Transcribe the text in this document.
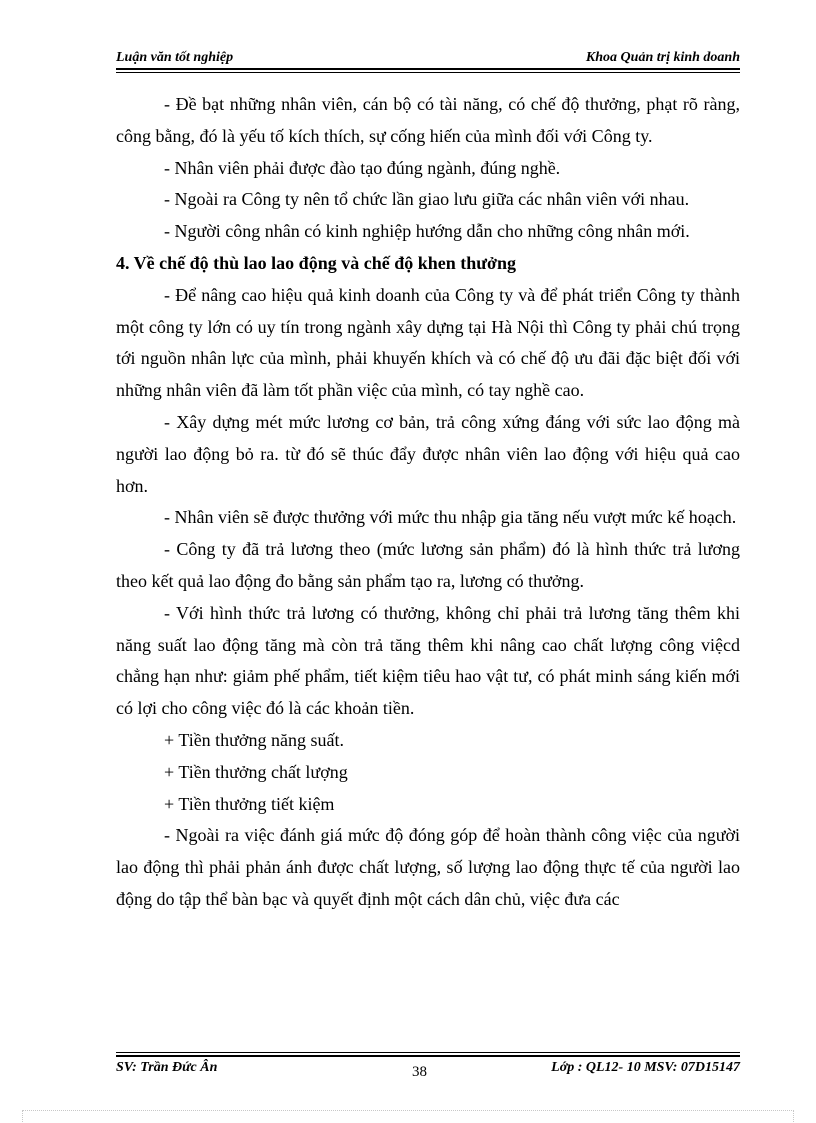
Luận văn tốt nghiệp	Khoa Quản trị kinh doanh

- Đề bạt những nhân viên, cán bộ có tài năng, có chế độ thưởng, phạt rõ ràng, công bằng, đó là yếu tố kích thích, sự cống hiến của mình đối với Công ty.

- Nhân viên phải được đào tạo đúng ngành, đúng nghề.

- Ngoài ra Công ty nên tổ chức lần giao lưu giữa các nhân viên với nhau.

- Người công nhân có kinh nghiệp hướng dẫn cho những công nhân mới.

4. Về chế độ thù lao lao động và chế độ khen thưởng

- Để nâng cao hiệu quả kinh doanh của Công ty và để phát triển Công ty thành một công ty lớn có uy tín trong ngành xây dựng tại Hà Nội thì Công ty phải chú trọng tới nguồn nhân lực của mình, phải khuyến khích và có chế độ ưu đãi đặc biệt đối với những nhân viên đã làm tốt phần việc của mình, có tay nghề cao.

- Xây dựng mét mức lương cơ bản, trả công xứng đáng với sức lao động mà người lao động bỏ ra. từ đó sẽ thúc đẩy được nhân viên lao động với hiệu quả cao hơn.

- Nhân viên sẽ được thưởng với mức thu nhập gia tăng nếu vượt mức kế hoạch.

- Công ty đã trả lương theo (mức lương sản phẩm) đó là hình thức trả lương theo kết quả lao động đo bằng sản phẩm tạo ra, lương có thưởng.

- Với hình thức trả lương có thưởng, không chỉ phải trả lương tăng thêm khi năng suất lao động tăng mà còn trả tăng thêm khi nâng cao chất lượng công việcd chẳng hạn như: giảm phế phẩm, tiết kiệm tiêu hao vật tư, có phát minh sáng kiến mới có lợi cho công việc đó là các khoản tiền.

+ Tiền thưởng năng suất.

+ Tiền thưởng chất lượng

+ Tiền thưởng tiết kiệm

- Ngoài ra việc đánh giá mức độ đóng góp để hoàn thành công việc của người lao động thì phải phản ánh được chất lượng, số lượng lao động thực tế của người lao động do tập thể bàn bạc và quyết định một cách dân chủ, việc đưa các

SV: Trần Đức Ân	38	Lớp : QL12- 10 MSV: 07D15147
